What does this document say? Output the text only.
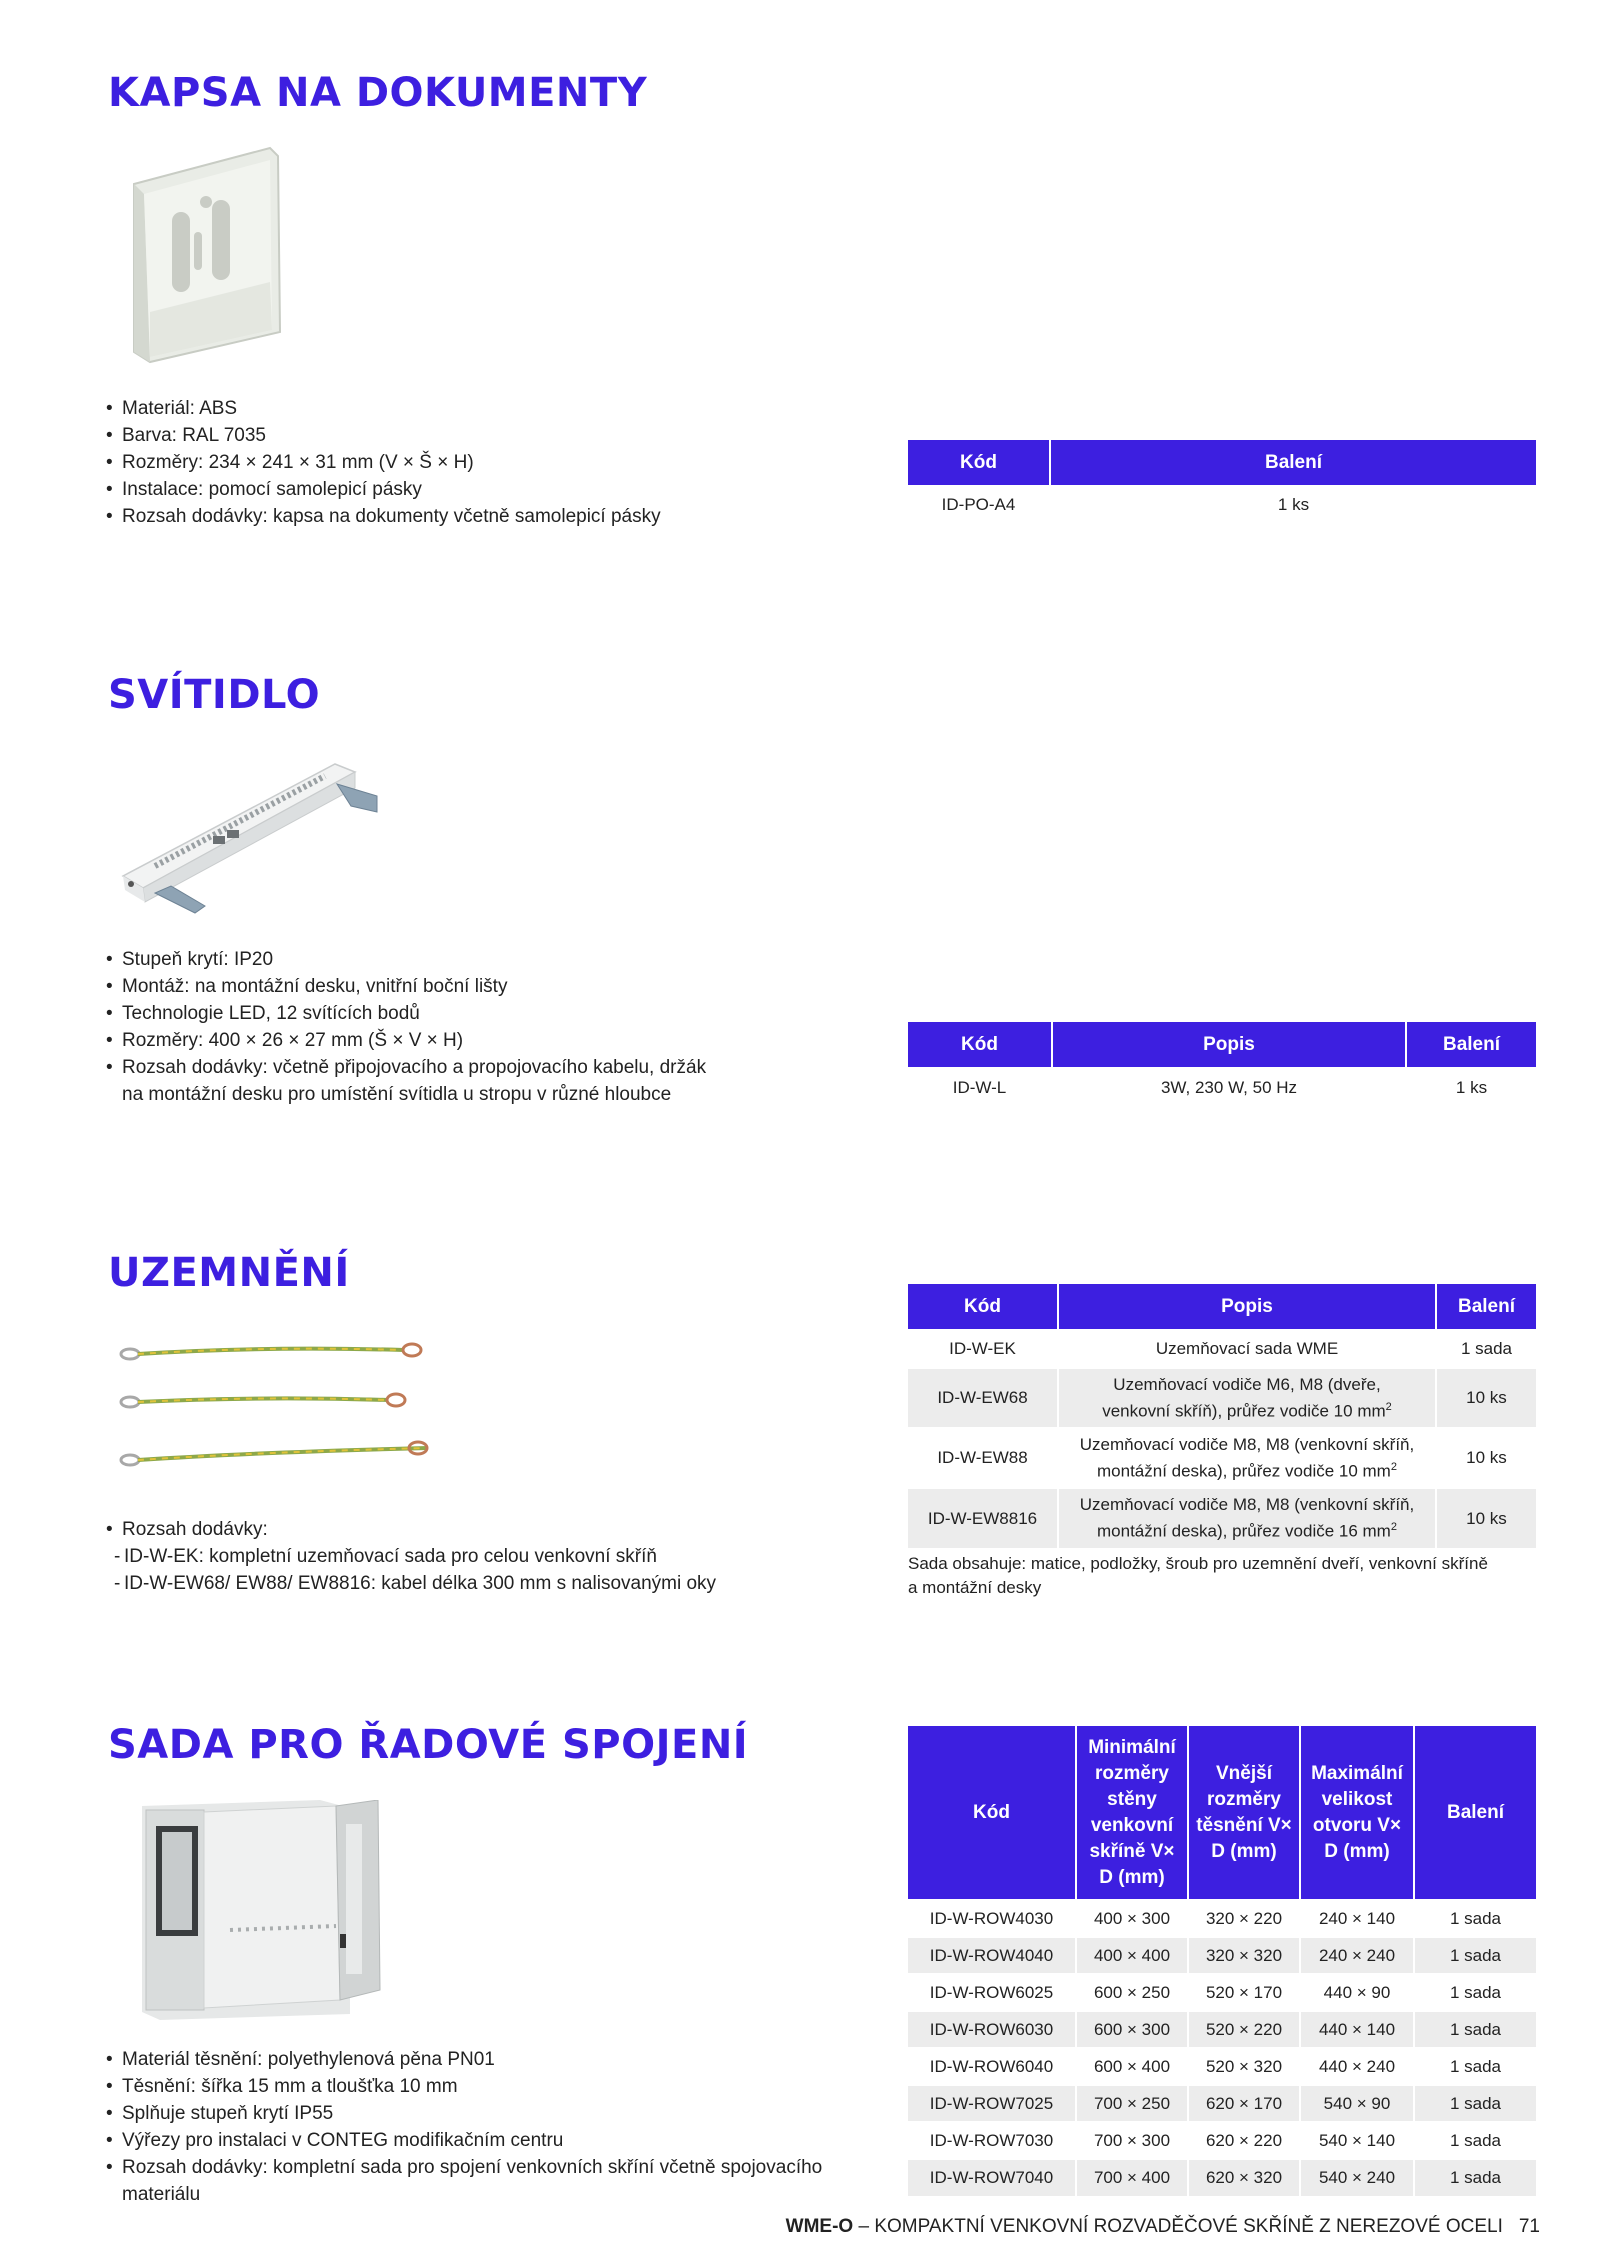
KAPSA NA DOKUMENTY
• Materiál: ABS
• Barva: RAL 7035
• Rozměry: 234 × 241 × 31 mm (V × Š × H)
• Instalace: pomocí samolepicí pásky
• Rozsah dodávky: kapsa na dokumenty včetně samolepicí pásky
Kód	Balení
ID-PO-A4	1 ks
SVÍTIDLO
• Stupeň krytí: IP20
• Montáž: na montážní desku, vnitřní boční lišty
• Technologie LED, 12 svítících bodů
• Rozměry: 400 × 26 × 27 mm (Š × V × H)
• Rozsah dodávky: včetně připojovacího a propojovacího kabelu, držák
na montážní desku pro umístění svítidla u stropu v různé hloubce
Kód	Popis	Balení
ID-W-L	3W, 230 W, 50 Hz	1 ks
UZEMNĚNÍ
• Rozsah dodávky:
- ID-W-EK: kompletní uzemňovací sada pro celou venkovní skříň
- ID-W-EW68/ EW88/ EW8816: kabel délka 300 mm s nalisovanými oky
Kód	Popis	Balení
ID-W-EK	Uzemňovací sada WME	1 sada
ID-W-EW68	Uzemňovací vodiče M6, M8 (dveře,
venkovní skříň), průřez vodiče 10 $mm^2$	10 ks
ID-W-EW88	Uzemňovací vodiče M8, M8 (venkovní skříň,
montážní deska), průřez vodiče 10 $mm^2$	10 ks
ID-W-EW8816	Uzemňovací vodiče M8, M8 (venkovní skříň,
montážní deska), průřez vodiče 16 $mm^2$	10 ks
Sada obsahuje: matice, podložky, šroub pro uzemnění dveří, venkovní skříně
a montážní desky
SADA PRO ŘADOVÉ SPOJENÍ
• Materiál těsnění: polyethylenová pěna PN01
• Těsnění: šířka 15 mm a tloušťka 10 mm
• Splňuje stupeň krytí IP55
• Výřezy pro instalaci v CONTEG modifikačním centru
• Rozsah dodávky: kompletní sada pro spojení venkovních skříní včetně spojovacího
materiálu
Kód	Minimální rozměry stěny venkovní skříně V× D (mm)	Vnější rozměry těsnění V× D (mm)	Maximální velikost otvoru V× D (mm)	Balení
ID-W-ROW4030	400 × 300	320 × 220	240 × 140	1 sada
ID-W-ROW4040	400 × 400	320 × 320	240 × 240	1 sada
ID-W-ROW6025	600 × 250	520 × 170	440 × 90	1 sada
ID-W-ROW6030	600 × 300	520 × 220	440 × 140	1 sada
ID-W-ROW6040	600 × 400	520 × 320	440 × 240	1 sada
ID-W-ROW7025	700 × 250	620 × 170	540 × 90	1 sada
ID-W-ROW7030	700 × 300	620 × 220	540 × 140	1 sada
ID-W-ROW7040	700 × 400	620 × 320	540 × 240	1 sada
WME-O – KOMPAKTNÍ VENKOVNÍ ROZVADĚČOVÉ SKŘÍNĚ Z NEREZOVÉ OCELI 71
